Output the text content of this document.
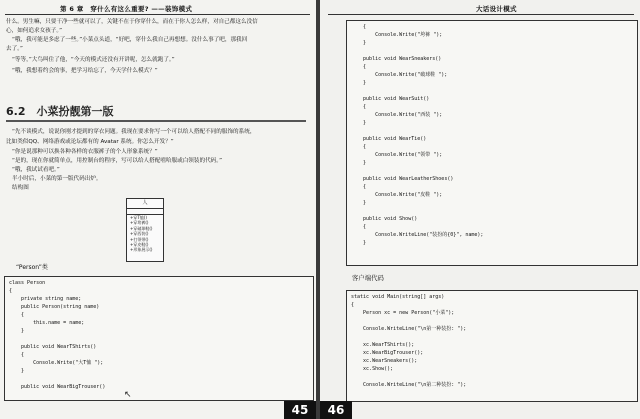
第 6 章　穿什么有这么重要? ——装饰模式
什么。男生嘛，只要干净一些就可以了，关键不在于你穿什么，而在于你人怎么样，对自己都这么没信
心，如何追求女孩子。”
“哦，我可能是多虑了一些。”小菜点头道，“好吧，穿什么我自己再想想。没什么事了吧，那我回
去了。”
“等等，”大鸟叫住了他，“今天的模式还没有开讲呢，怎么就跑了。”
“哦，我想着约会的事，把学习给忘了，今天学什么模式？”
6.2　小菜扮靓第一版
“先不谈模式，说说你刚才提到的穿衣问题。我现在要求你写一个可以给人搭配不同的服饰的系统，
比如类似QQ、网络游戏或论坛都有的 Avatar 系统。你怎么开发？”
“你是说那种可以换各种各样的衣服裤子的个人形象系统？”
“是的，现在你就简单点，用控制台的程序，写可以给人搭配嘻哈服或白领装的代码。”
“哦，我试试看吧。”
半小时后，小菜的第一版代码出炉。
结构图
人
+穿T恤()
+穿垮裤()
+穿破球鞋()
+穿西装()
+打领带()
+穿皮鞋()
+形象展示()
“Person”类
class Person
{
private string name;
public Person(string name)
{
this.name = name;
}
public void WearTShirts()
{
Console.Write("大T恤 ");
}
public void WearBigTrouser()
↖
45
大话设计模式
{
Console.Write("垮裤 ");
}
public void WearSneakers()
{
Console.Write("破球鞋 ");
}
public void WearSuit()
{
Console.Write("西装 ");
}
public void WearTie()
{
Console.Write("领带 ");
}
public void WearLeatherShoes()
{
Console.Write("皮鞋 ");
}
public void Show()
{
Console.WriteLine("装扮的{0}", name);
}
客户端代码
static void Main(string[] args)
{
Person xc = new Person("小菜");
Console.WriteLine("\n第一种装扮: ");
xc.WearTShirts();
xc.WearBigTrouser();
xc.WearSneakers();
xc.Show();
Console.WriteLine("\n第二种装扮: ");
46
